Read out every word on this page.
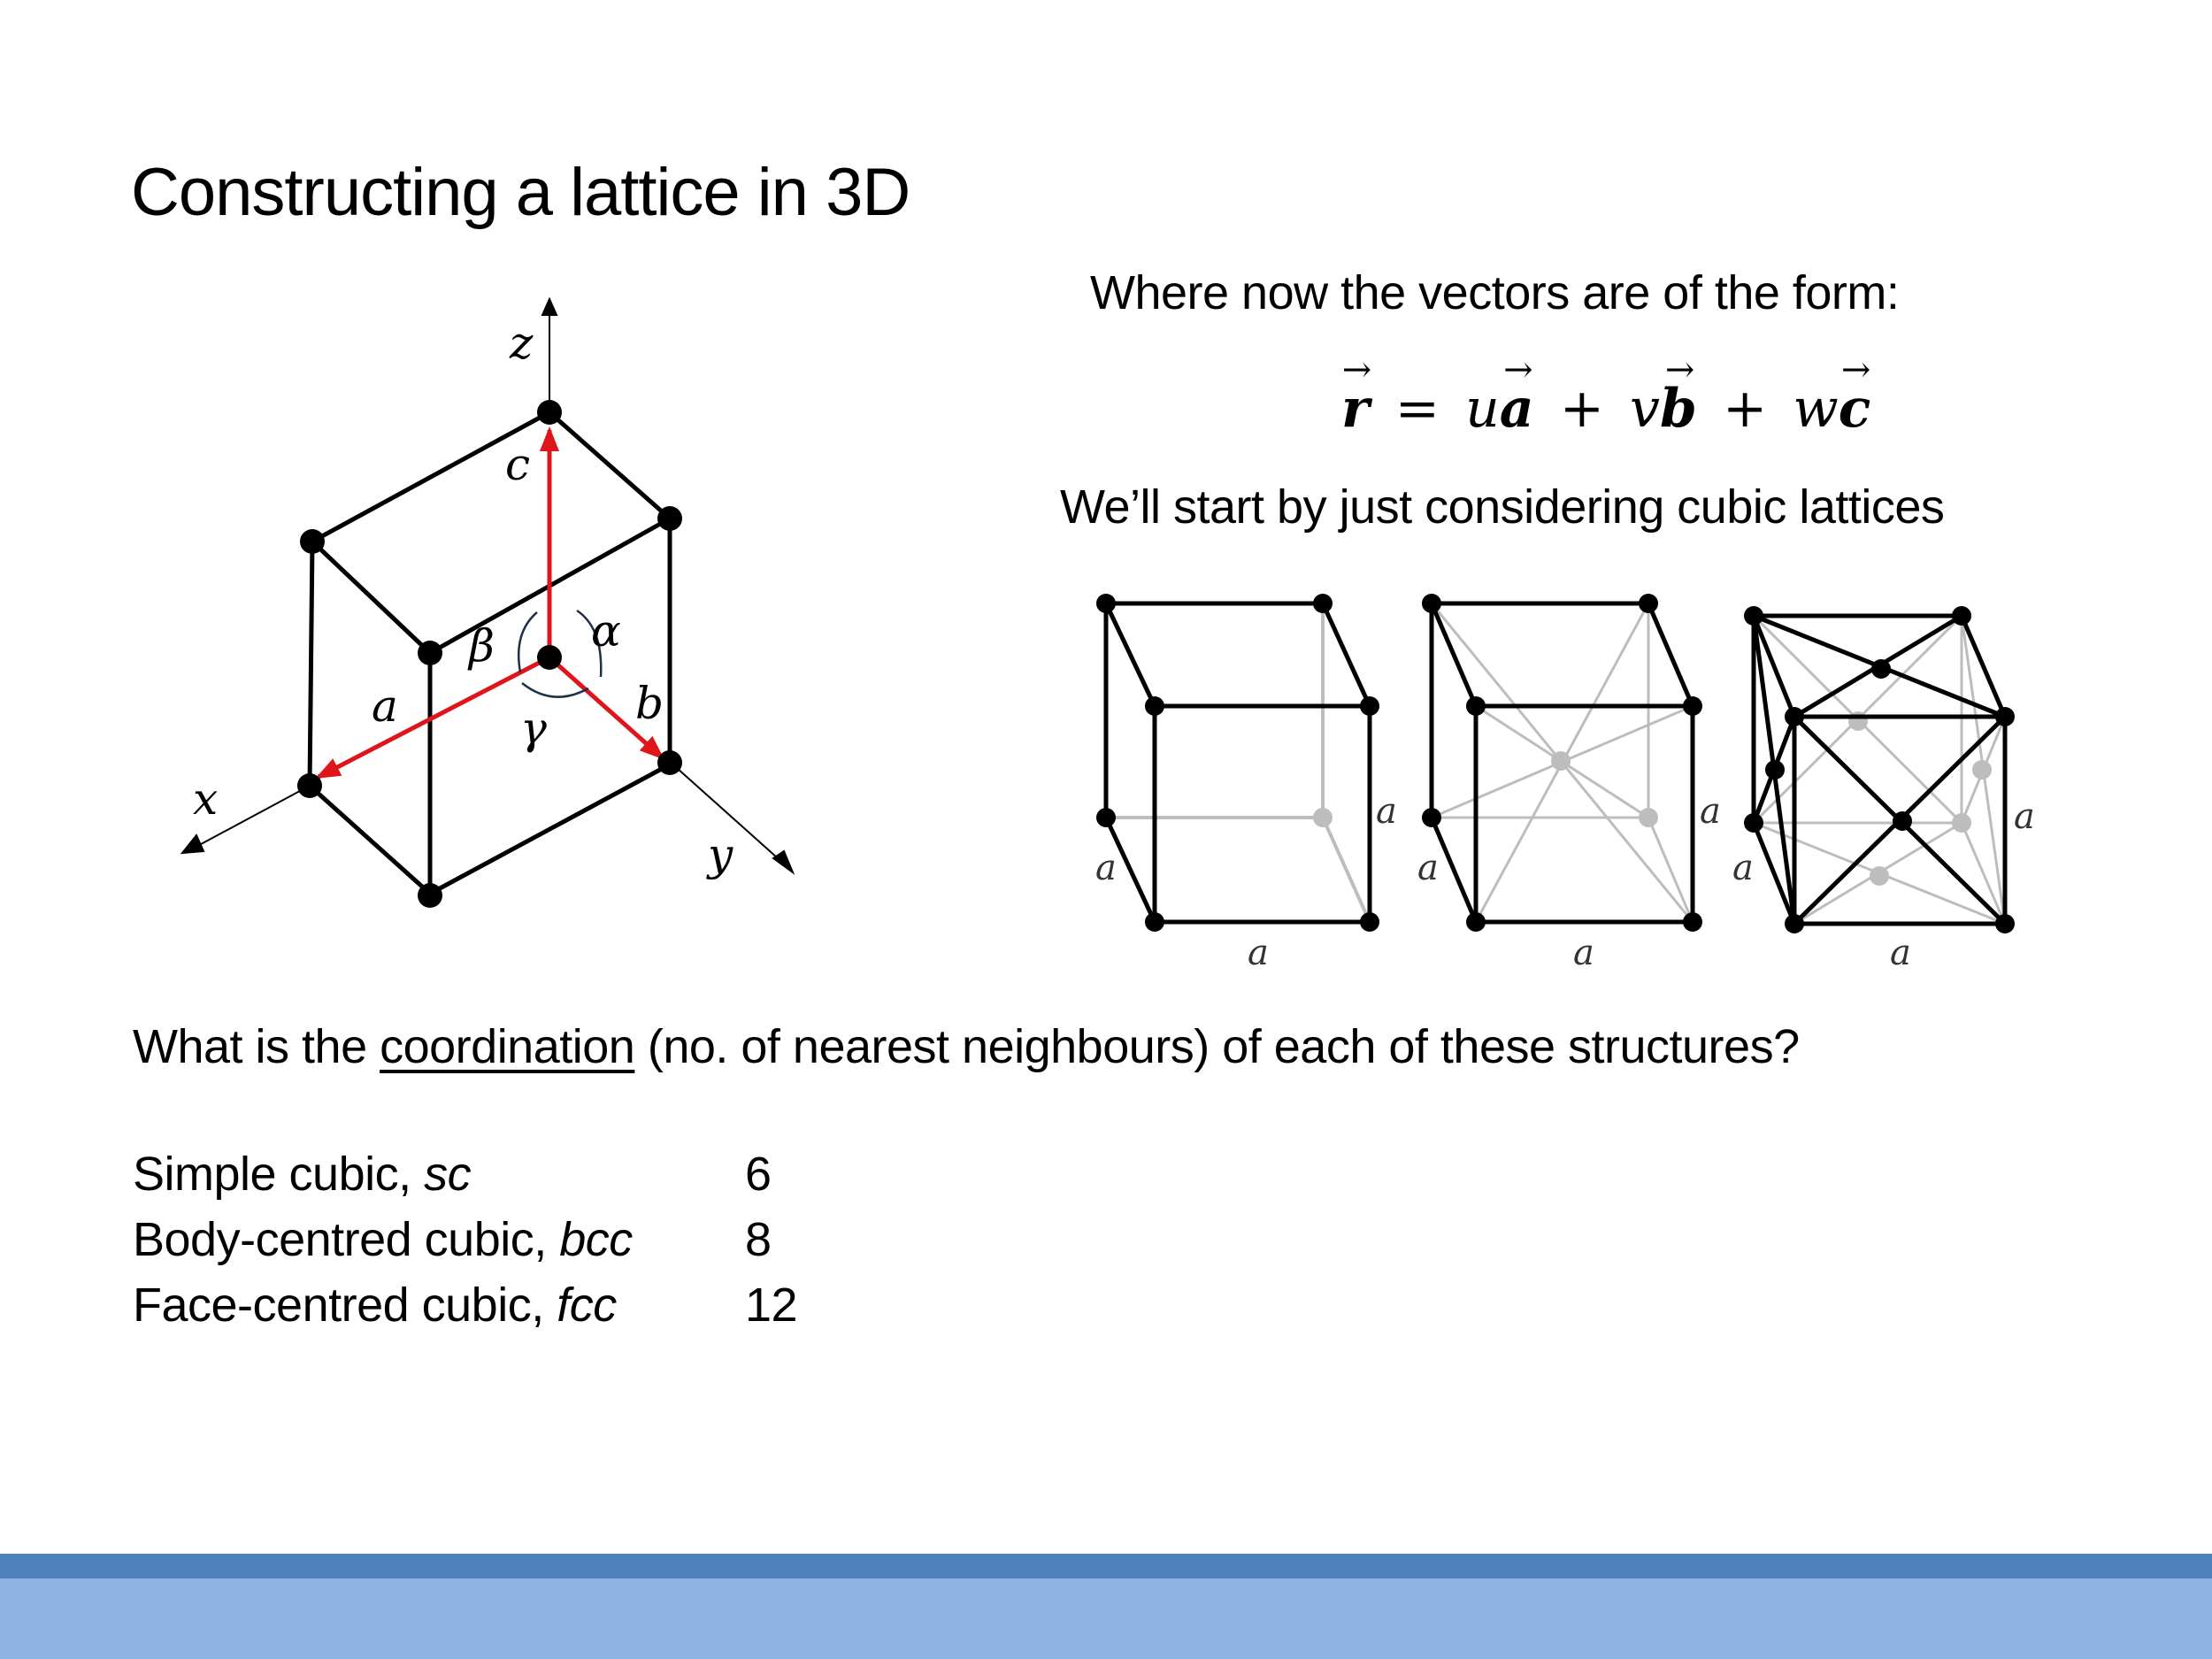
Constructing a lattice in 3D
z
x
y
c
a	b
α
β
γ
Where now the vectors are of the form:
→ r = u→ a + v→ b + w→ c
We’ll start by just considering cubic lattices
a
a
a
a
a
a
a
a
a
What is the coordination (no. of nearest neighbours) of each of these structures?
Simple cubic, sc	6
Body-centred cubic, bcc	8
Face-centred cubic, fcc	12
